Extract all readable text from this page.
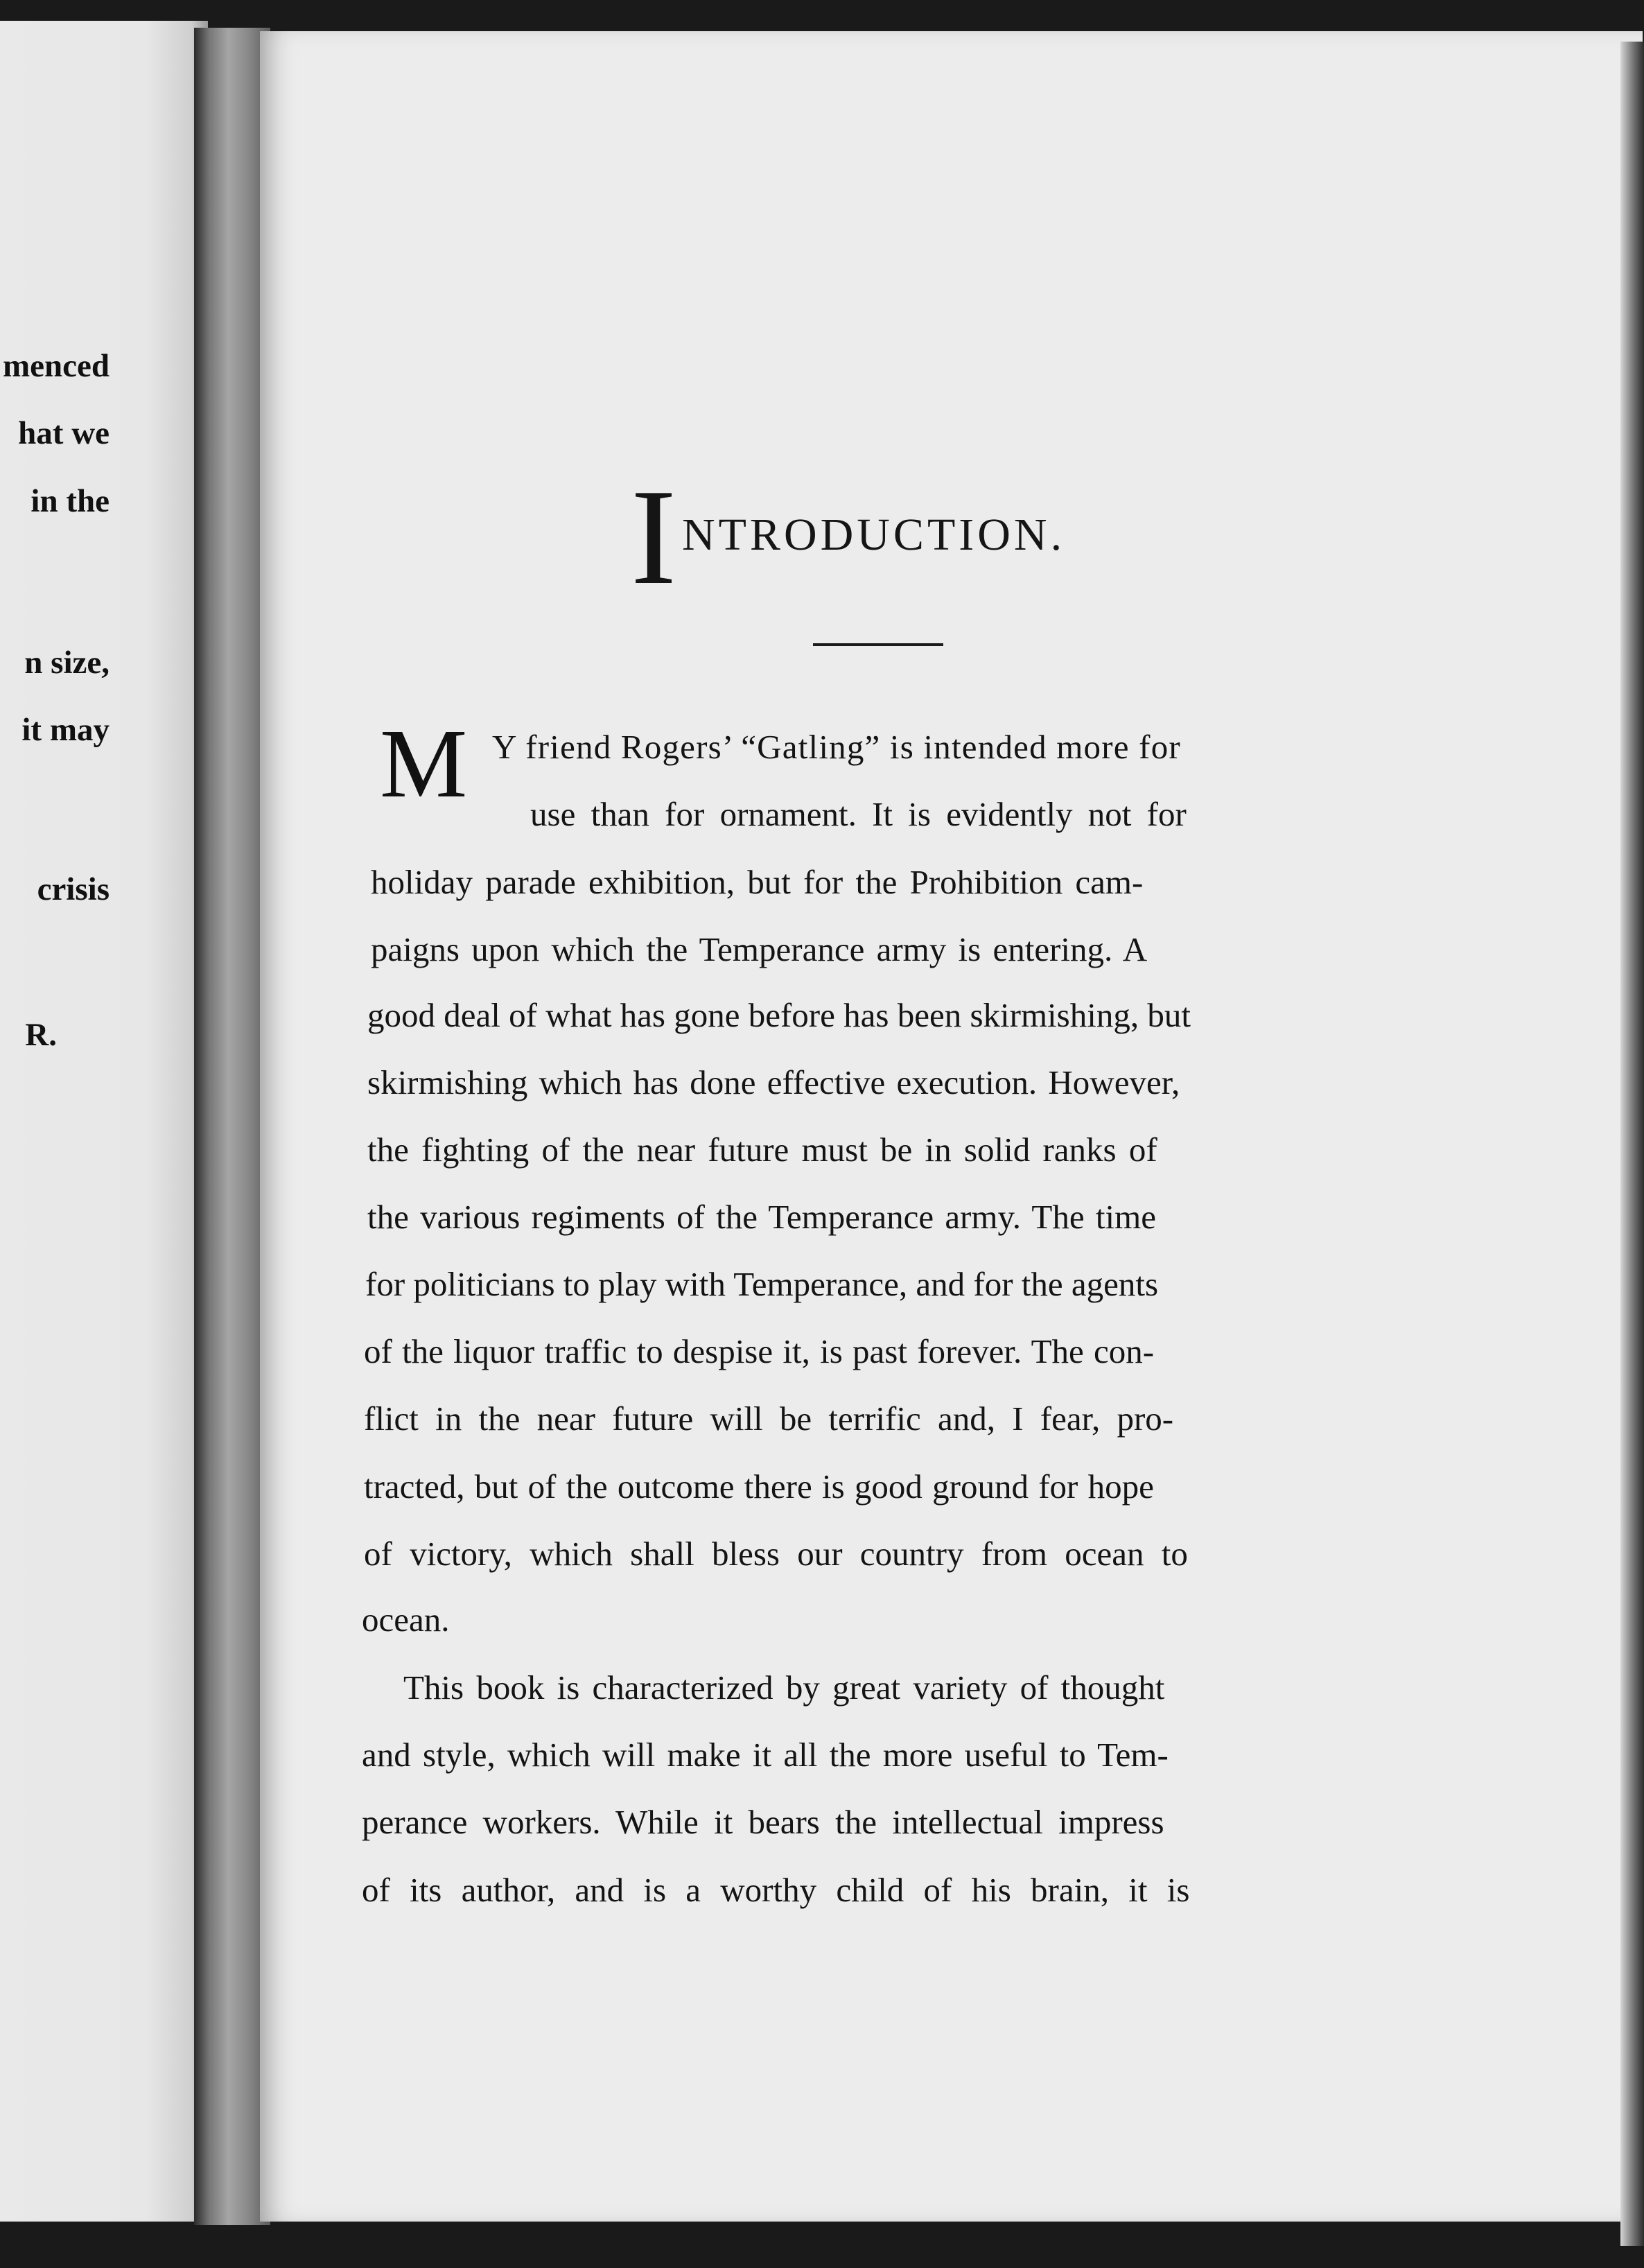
menced
hat we
in the
n size,
it may
crisis
R.
I NTRODUCTION.
M Y friend Rogers’ “Gatling” is intended more for
use than for ornament. It is evidently not for
holiday parade exhibition, but for the Prohibition cam-
paigns upon which the Temperance army is entering. A
good deal of what has gone before has been skirmishing, but
skirmishing which has done effective execution. However,
the fighting of the near future must be in solid ranks of
the various regiments of the Temperance army. The time
for politicians to play with Temperance, and for the agents
of the liquor traffic to despise it, is past forever. The con-
flict in the near future will be terrific and, I fear, pro-
tracted, but of the outcome there is good ground for hope
of victory, which shall bless our country from ocean to
ocean.
This book is characterized by great variety of thought
and style, which will make it all the more useful to Tem-
perance workers. While it bears the intellectual impress
of its author, and is a worthy child of his brain, it is
